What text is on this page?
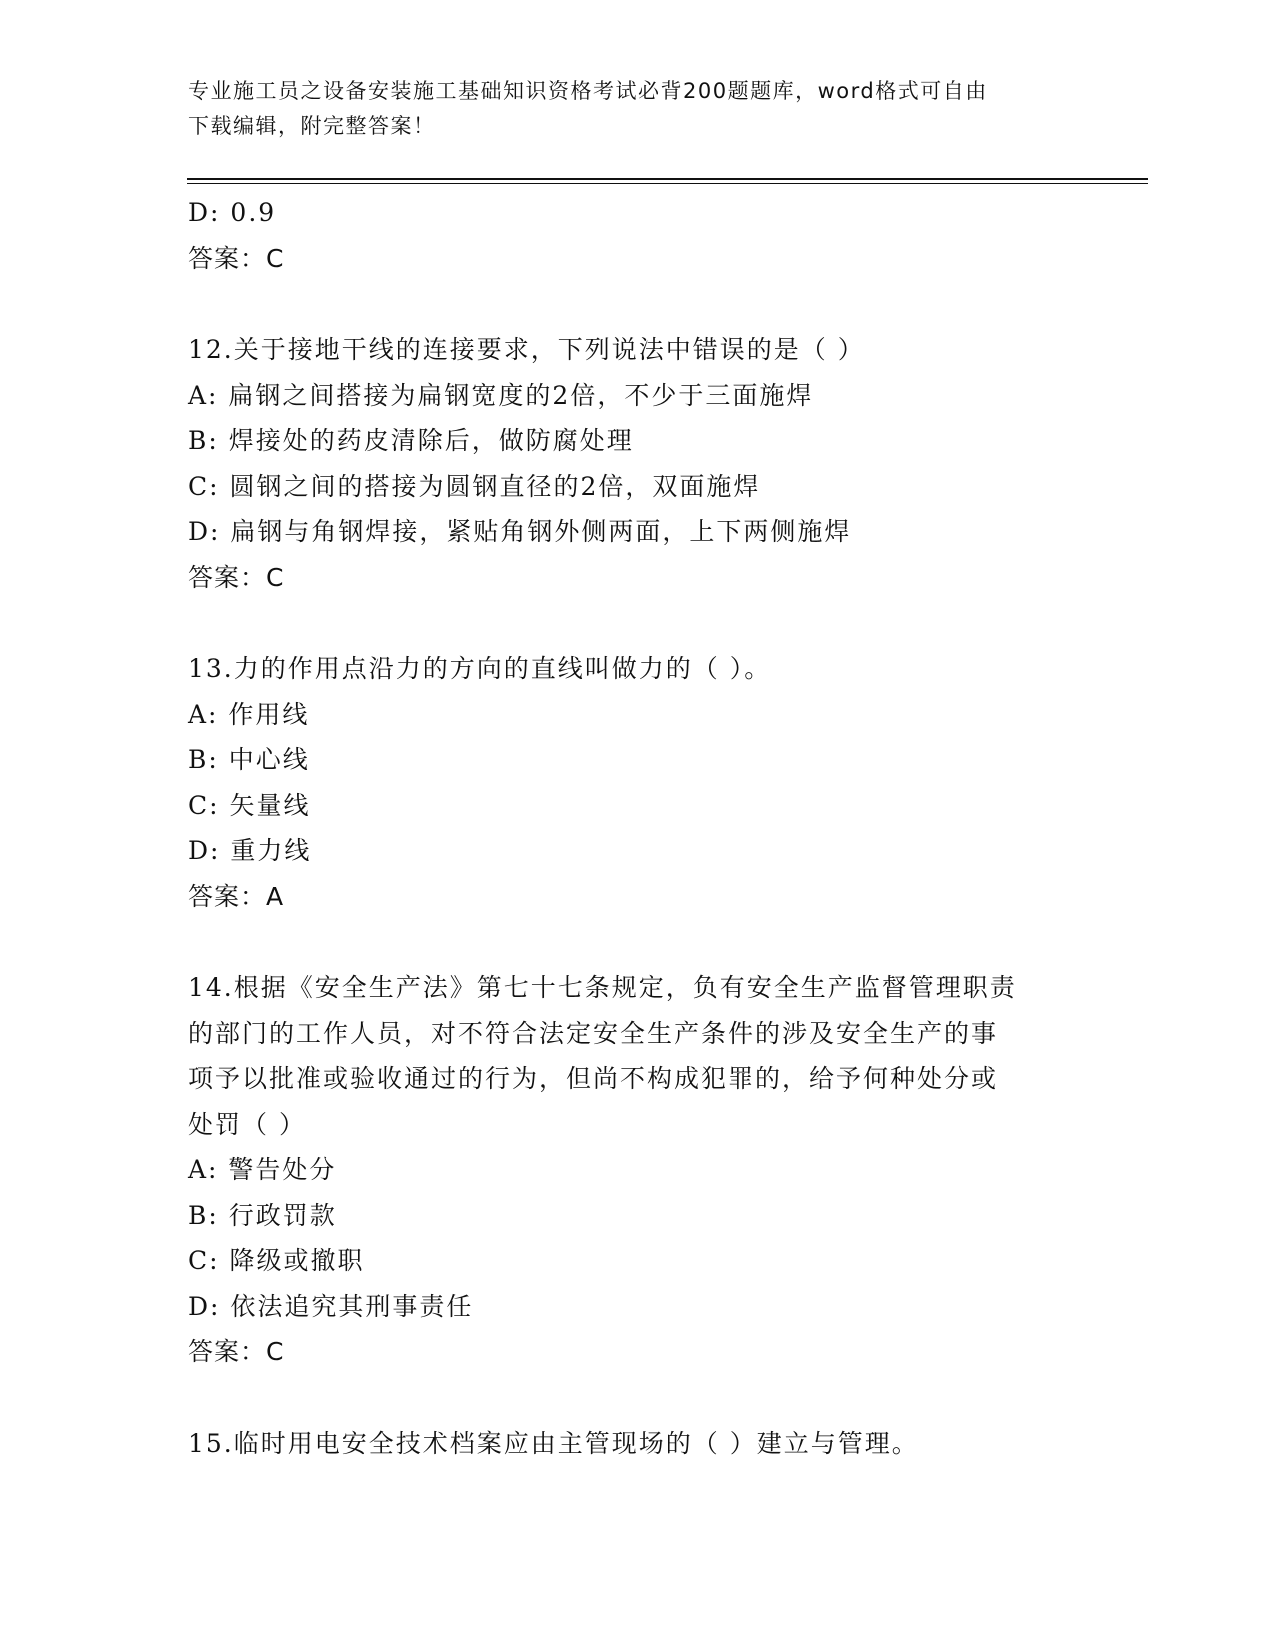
专业施工员之设备安装施工基础知识资格考试必背200题题库，word格式可自由
下载编辑，附完整答案！
D: 0.9
答案：C
12.关于接地干线的连接要求，下列说法中错误的是（ ）
A: 扁钢之间搭接为扁钢宽度的2倍，不少于三面施焊
B: 焊接处的药皮清除后，做防腐处理
C: 圆钢之间的搭接为圆钢直径的2倍，双面施焊
D: 扁钢与角钢焊接，紧贴角钢外侧两面，上下两侧施焊
答案：C
13.力的作用点沿力的方向的直线叫做力的（ ）。
A: 作用线
B: 中心线
C: 矢量线
D: 重力线
答案：A
14.根据《安全生产法》第七十七条规定，负有安全生产监督管理职责
的部门的工作人员，对不符合法定安全生产条件的涉及安全生产的事
项予以批准或验收通过的行为，但尚不构成犯罪的，给予何种处分或
处罚（ ）
A: 警告处分
B: 行政罚款
C: 降级或撤职
D: 依法追究其刑事责任
答案：C
15.临时用电安全技术档案应由主管现场的（ ）建立与管理。
